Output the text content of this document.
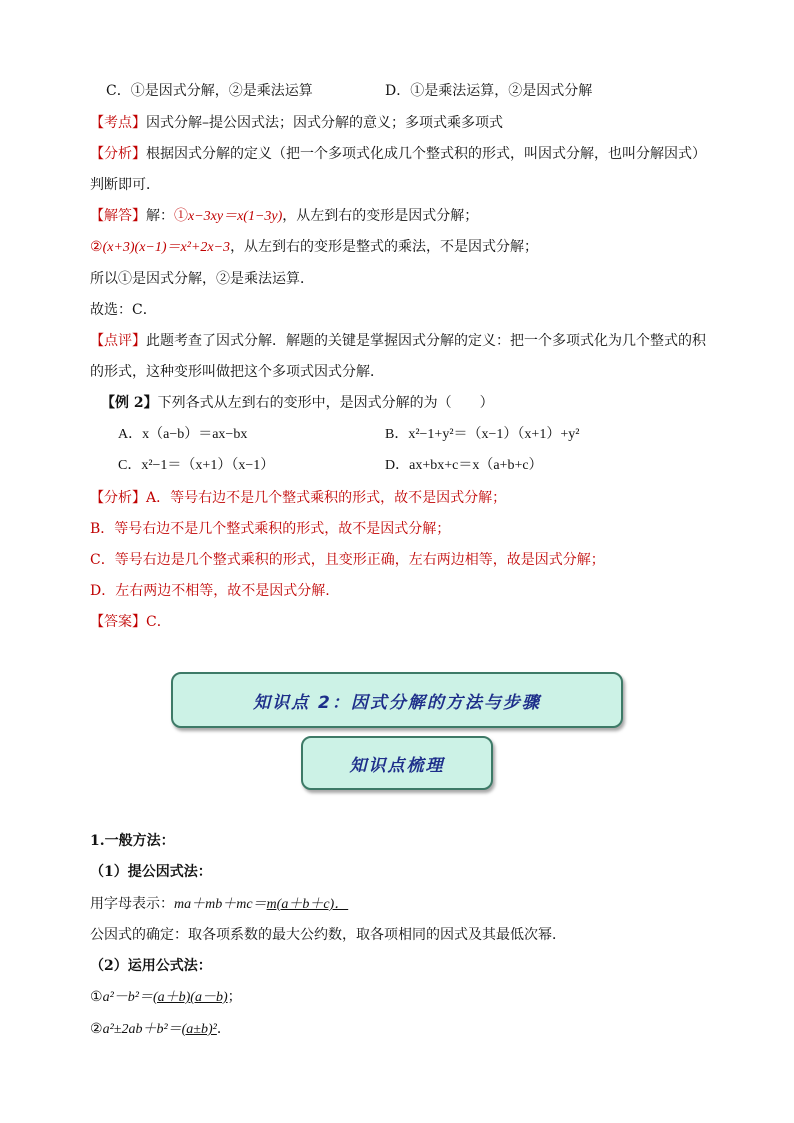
C．①是因式分解，②是乘法运算	D．①是乘法运算，②是因式分解
【考点】因式分解–提公因式法；因式分解的意义；多项式乘多项式
【分析】根据因式分解的定义（把一个多项式化成几个整式积的形式，叫因式分解，也叫分解因式）
判断即可．
【解答】解：①x−3xy＝x(1−3y)，从左到右的变形是因式分解；
②(x+3)(x−1)＝x²+2x−3，从左到右的变形是整式的乘法，不是因式分解；
所以①是因式分解，②是乘法运算．
故选：C．
【点评】此题考查了因式分解．解题的关键是掌握因式分解的定义：把一个多项式化为几个整式的积
的形式，这种变形叫做把这个多项式因式分解．
【例 2】下列各式从左到右的变形中，是因式分解的为（　　）
A．x（a−b）＝ax−bx	B．x²−1+y²＝（x−1）（x+1）+y²
C．x²−1＝（x+1）（x−1）	D．ax+bx+c＝x（a+b+c）
【分析】A．等号右边不是几个整式乘积的形式，故不是因式分解；
B．等号右边不是几个整式乘积的形式，故不是因式分解；
C．等号右边是几个整式乘积的形式，且变形正确，左右两边相等，故是因式分解；
D．左右两边不相等，故不是因式分解.
【答案】C．
知识点 2：因式分解的方法与步骤
知识点梳理
1.一般方法：
（1）提公因式法：
用字母表示：ma＋mb＋mc＝m(a＋b＋c)．
公因式的确定：取各项系数的最大公约数，取各项相同的因式及其最低次幂．
（2）运用公式法：
①a²－b²＝(a＋b)(a－b)；
②a²±2ab＋b²＝(a±b)²．
